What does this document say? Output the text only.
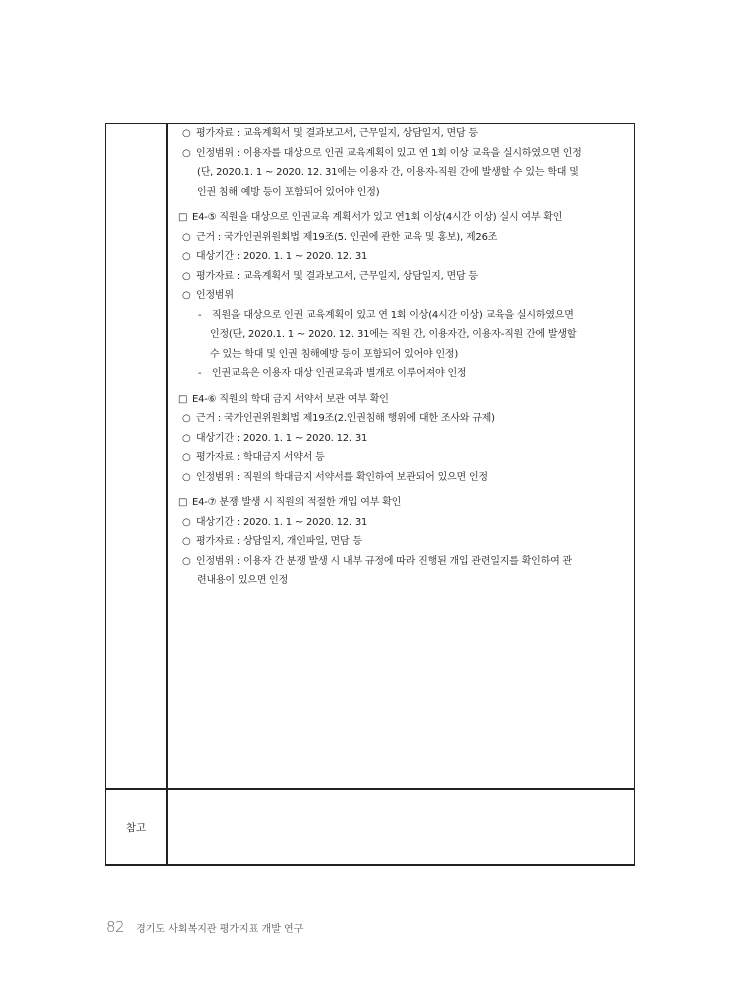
○ 평가자료 : 교육계획서 및 결과보고서, 근무일지, 상담일지, 면담 등
○ 인정범위 : 이용자를 대상으로 인권 교육계획이 있고 연 1회 이상 교육을 실시하였으면 인정
(단, 2020.1. 1 ~ 2020. 12. 31에는 이용자 간, 이용자-직원 간에 발생할 수 있는 학대 및
인권 침해 예방 등이 포함되어 있어야 인정)
□ E4-⑤ 직원을 대상으로 인권교육 계획서가 있고 연1회 이상(4시간 이상) 실시 여부 확인
○ 근거 : 국가인권위원회법 제19조(5. 인권에 관한 교육 및 홍보), 제26조
○ 대상기간 : 2020. 1. 1 ~ 2020. 12. 31
○ 평가자료 : 교육계획서 및 결과보고서, 근무일지, 상담일지, 면담 등
○ 인정범위
- 직원을 대상으로 인권 교육계획이 있고 연 1회 이상(4시간 이상) 교육을 실시하였으면
인정(단, 2020.1. 1 ~ 2020. 12. 31에는 직원 간, 이용자간, 이용자-직원 간에 발생할
수 있는 학대 및 인권 침해예방 등이 포함되어 있어야 인정)
- 인권교육은 이용자 대상 인권교육과 별개로 이루어져야 인정
□ E4-⑥ 직원의 학대 금지 서약서 보관 여부 확인
○ 근거 : 국가인권위원회법 제19조(2.인권침해 행위에 대한 조사와 규제)
○ 대상기간 : 2020. 1. 1 ~ 2020. 12. 31
○ 평가자료 : 학대금지 서약서 등
○ 인정범위 : 직원의 학대금지 서약서를 확인하여 보관되어 있으면 인정
□ E4-⑦ 분쟁 발생 시 직원의 적절한 개입 여부 확인
○ 대상기간 : 2020. 1. 1 ~ 2020. 12. 31
○ 평가자료 : 상담일지, 개인파일, 면담 등
○ 인정범위 : 이용자 간 분쟁 발생 시 내부 규정에 따라 진행된 개입 관련일지를 확인하여 관
련내용이 있으면 인정
참고
82 경기도 사회복지관 평가지표 개발 연구
